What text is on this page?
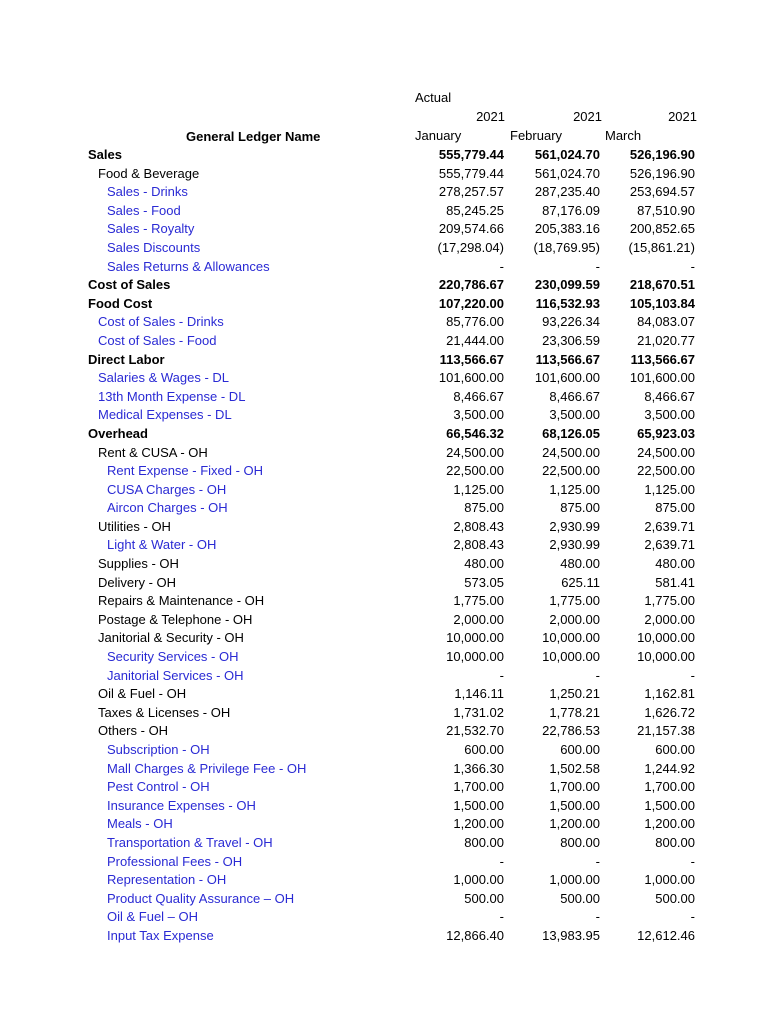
Actual
2021	2021	2021
January	February	March
General Ledger Name
Sales	555,779.44	561,024.70	526,196.90
Food & Beverage	555,779.44	561,024.70	526,196.90
Sales - Drinks	278,257.57	287,235.40	253,694.57
Sales - Food	85,245.25	87,176.09	87,510.90
Sales - Royalty	209,574.66	205,383.16	200,852.65
Sales Discounts	(17,298.04)	(18,769.95)	(15,861.21)
Sales Returns & Allowances	-	-	-
Cost of Sales	220,786.67	230,099.59	218,670.51
Food Cost	107,220.00	116,532.93	105,103.84
Cost of Sales - Drinks	85,776.00	93,226.34	84,083.07
Cost of Sales - Food	21,444.00	23,306.59	21,020.77
Direct Labor	113,566.67	113,566.67	113,566.67
Salaries & Wages - DL	101,600.00	101,600.00	101,600.00
13th Month Expense - DL	8,466.67	8,466.67	8,466.67
Medical Expenses - DL	3,500.00	3,500.00	3,500.00
Overhead	66,546.32	68,126.05	65,923.03
Rent & CUSA - OH	24,500.00	24,500.00	24,500.00
Rent Expense - Fixed - OH	22,500.00	22,500.00	22,500.00
CUSA Charges - OH	1,125.00	1,125.00	1,125.00
Aircon Charges - OH	875.00	875.00	875.00
Utilities - OH	2,808.43	2,930.99	2,639.71
Light & Water - OH	2,808.43	2,930.99	2,639.71
Supplies - OH	480.00	480.00	480.00
Delivery - OH	573.05	625.11	581.41
Repairs & Maintenance - OH	1,775.00	1,775.00	1,775.00
Postage & Telephone - OH	2,000.00	2,000.00	2,000.00
Janitorial & Security - OH	10,000.00	10,000.00	10,000.00
Security Services - OH	10,000.00	10,000.00	10,000.00
Janitorial Services - OH	-	-	-
Oil & Fuel - OH	1,146.11	1,250.21	1,162.81
Taxes & Licenses - OH	1,731.02	1,778.21	1,626.72
Others - OH	21,532.70	22,786.53	21,157.38
Subscription - OH	600.00	600.00	600.00
Mall Charges & Privilege Fee - OH	1,366.30	1,502.58	1,244.92
Pest Control - OH	1,700.00	1,700.00	1,700.00
Insurance Expenses - OH	1,500.00	1,500.00	1,500.00
Meals - OH	1,200.00	1,200.00	1,200.00
Transportation & Travel - OH	800.00	800.00	800.00
Professional Fees - OH	-	-	-
Representation - OH	1,000.00	1,000.00	1,000.00
Product Quality Assurance – OH	500.00	500.00	500.00
Oil & Fuel – OH	-	-	-
Input Tax Expense	12,866.40	13,983.95	12,612.46
